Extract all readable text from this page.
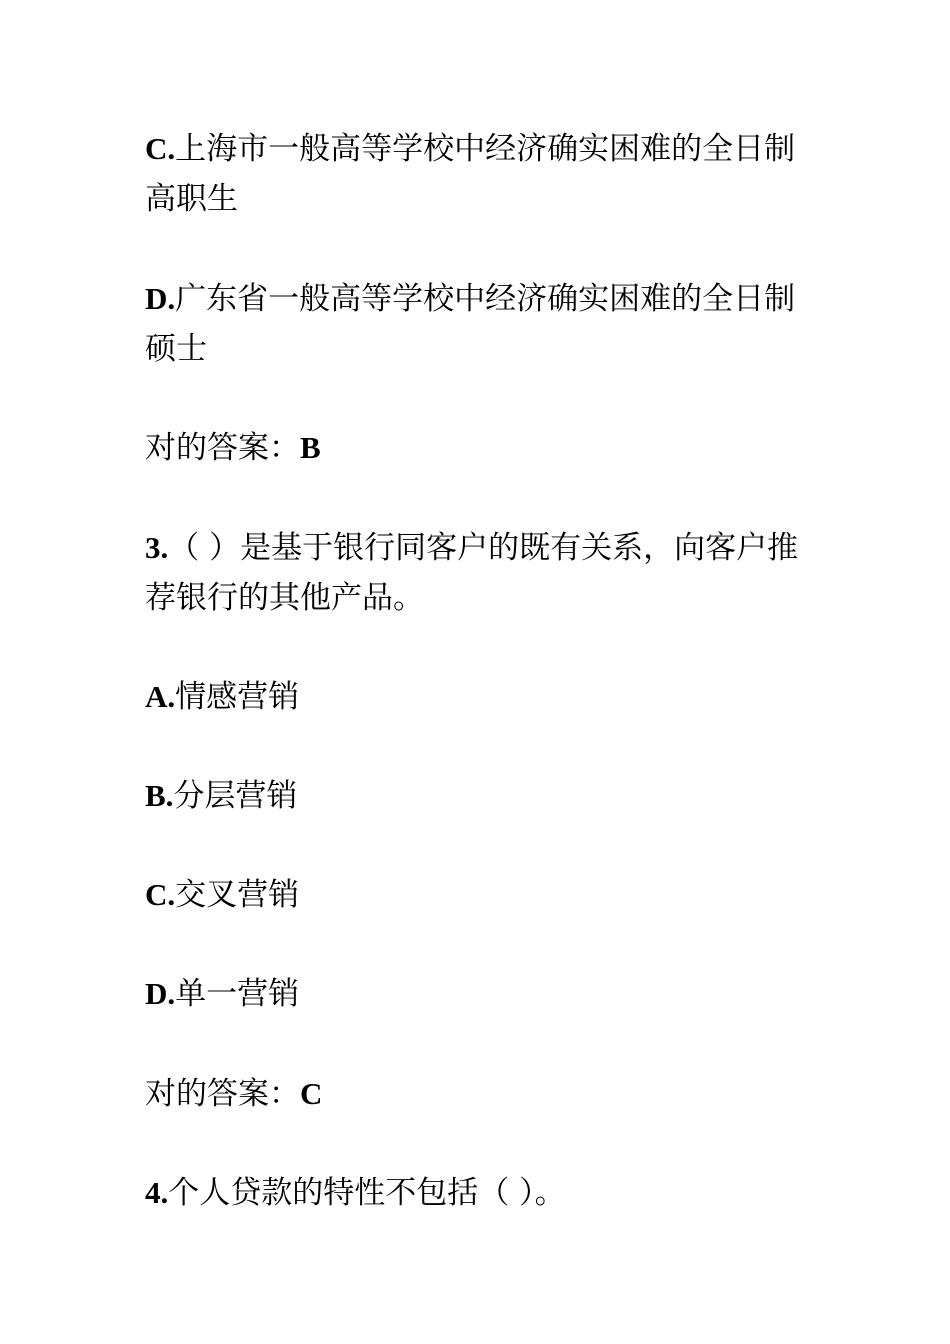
C.上海市一般高等学校中经济确实困难的全日制高职生

D.广东省一般高等学校中经济确实困难的全日制硕士

对的答案：B

3.（ ）是基于银行同客户的既有关系，向客户推荐银行的其他产品。

A.情感营销

B.分层营销

C.交叉营销

D.单一营销

对的答案：C

4.个人贷款的特性不包括（ ）。
